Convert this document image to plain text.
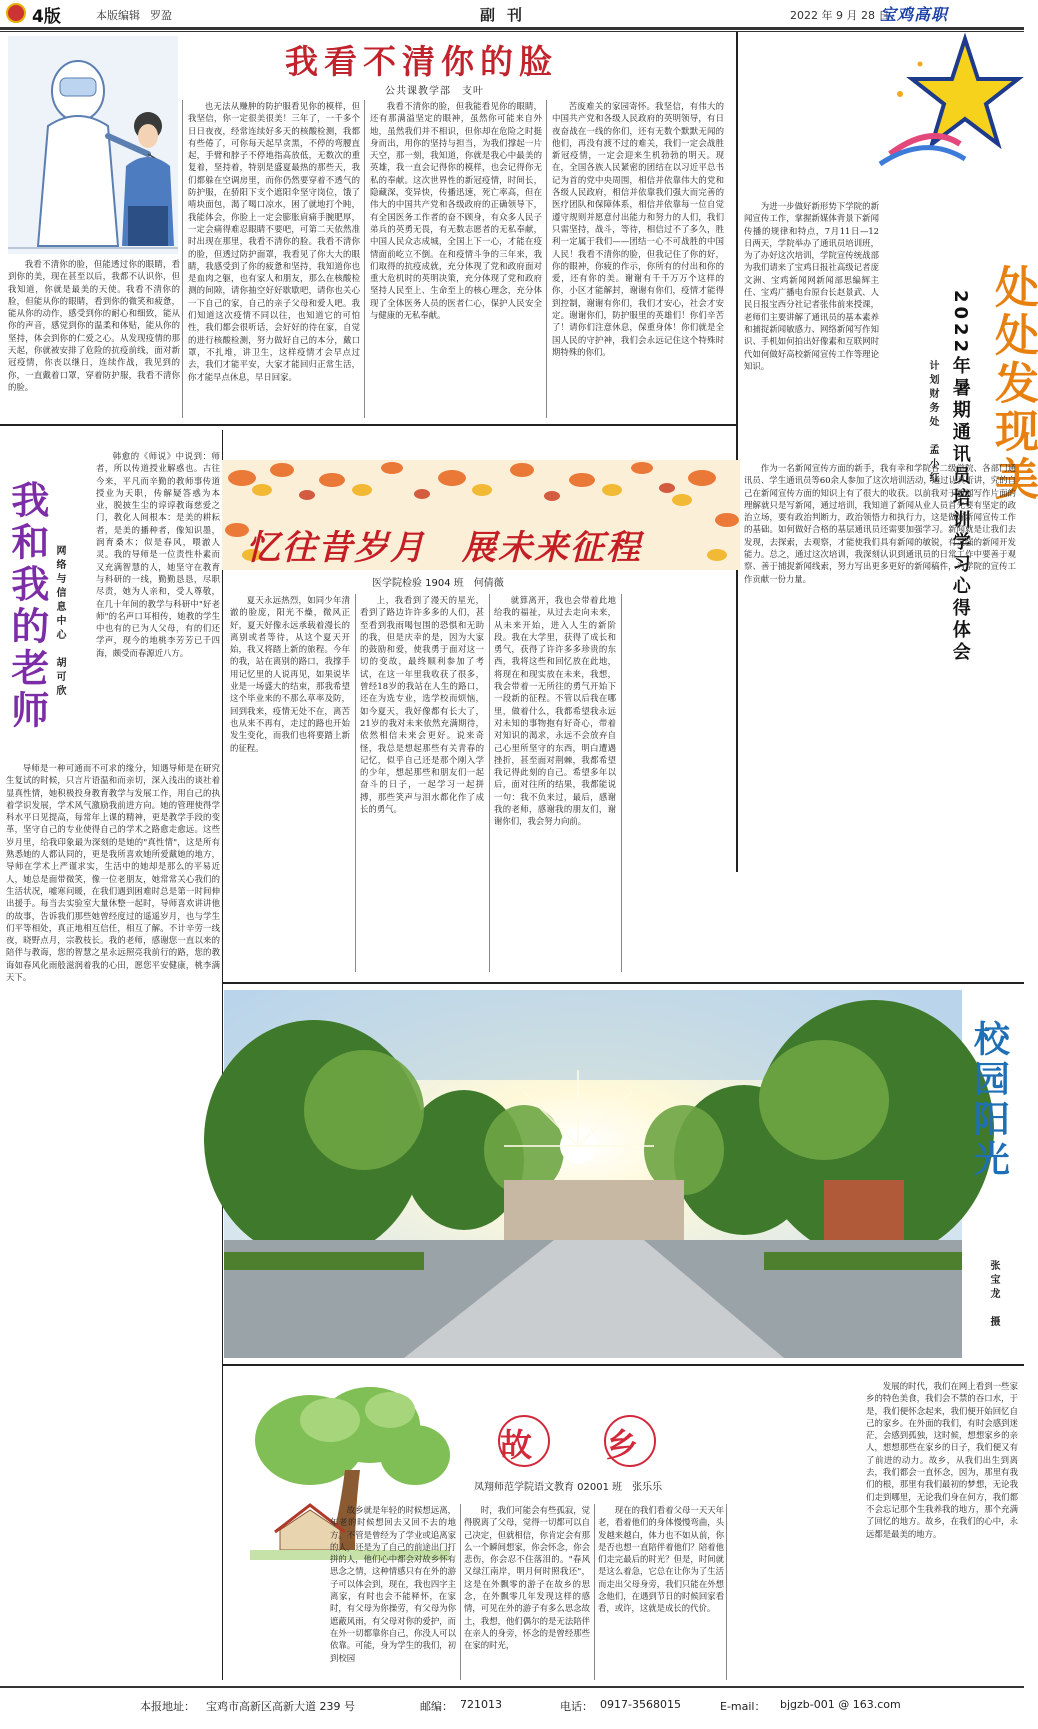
4版	本版编辑 罗盈	副刊	2022 年 9 月 28 日
宝鸡高职
我看不清你的脸
公共课教学部　支叶

我看不清你的脸，但能透过你的眼睛，看到你的美，现在甚至以后，我都不认识你，但我知道，你就是最美的天使。我看不清你的脸，但能从你的眼睛，看到你的微笑和疲惫，能从你的动作，感受到你的耐心和细致，能从你的声音，感觉到你的温柔和体贴，能从你的坚持，体会到你的仁爱之心。从发现疫情的那天起，你就被安排了危险的抗疫前线，面对新冠疫情，你丧以继日，连续作战，我见到的你，一直戴着口罩，穿着防护服，我看不清你的脸。

也无法从赚肿的防护服看见你的模样，但我坚信，你一定很美很美！三年了，一千多个日日夜夜，经常连续好多天的核酸检测，我都有些倦了，可你每天起早贪黑，不停的弯腰直起，手臂和脖子不停地指高放低，无数次的重复着，坚持着，特别是盛夏最热的那些天，我们都躲在空调房里，而你仍然要穿着不透气的防护服，在骄阳下支个遮阳伞坚守岗位，饿了啃块面包，渴了喝口凉水，困了就地打个盹，我能体会，你脸上一定会膨胀肩痛手腕肥厚，一定会痛得难忍眼睛不要吧，可第二天依然准时出现在那里，我看不清你的脸。我看不清你的脸，但透过防护面罩，我看见了你大大的眼睛，我感受到了你的疲惫和坚持，我知道你也是血肉之躯，也有家人和朋友，那么在核酸检测的间隙，请你抽空好好歇歇吧，请你也关心一下自己的家，自己的亲子父母和爱人吧。我们知道这次疫情不同以往，也知道它的可怕性，我们都会很听话，会好好的待在家，自觉的进行核酸检测，努力做好自己的本分，戴口罩，不扎堆，讲卫生，这样疫情才会早点过去，我们才能平安，大家才能回归正常生活，你才能早点休息，早日回家。

我看不清你的脸，但我能看见你的眼睛，还有那满溢坚定的眼神，虽然你可能来自外地，虽然我们并不相识，但你却在危险之时挺身而出，用你的坚持与担当，为我们撑起一片天空，那一刻，我知道，你就是我心中最美的英雄，我一直会记得你的模样，也会记得你无私的奉献。这次世界性的新冠疫情，时间长，隐藏深，变异快，传播迅速，死亡率高，但在伟大的中国共产党和各级政府的正确领导下，有全国医务工作者的奋不顾身，有众多人民子弟兵的英勇无畏，有无数志愿者的无私奉献，中国人民众志成城，全国上下一心，才能在疫情面前屹立不倒。在和疫情斗争的三年来，我们取得的抗疫成就，充分体现了党和政府面对重大危机时的英明决策，充分体现了党和政府坚持人民至上、生命至上的核心理念，充分体现了全体医务人员的医者仁心，保护人民安全与健康的无私奉献。

苦废难关的家园寄怀。我坚信，有伟大的中国共产党和各级人民政府的英明领导，有日夜奋战在一线的你们，还有无数个默默无闻的他们，再没有渡不过的难关，我们一定会战胜新冠疫情，一定会迎来生机勃勃的明天。现在，全国各族人民紧密的团结在以习近平总书记为首的党中央周围，相信并依靠伟大的党和各级人民政府，相信并依靠我们强大而完善的医疗团队和保障体系，相信并依靠每一位自觉遵守规则并愿意付出能力和努力的人们，我们只需坚持，战斗，等待，相信过不了多久，胜利一定属于我们——团结一心不可战胜的中国人民！我看不清你的脸，但我记住了你的好，你的眼神，你疲的作示，你所有的付出和你的爱，还有你的美。谢谢有千千万万个这样的你，小区才能解封，谢谢有你们，疫情才能得到控制，谢谢有你们，我们才安心，社会才安定。谢谢你们，防护服里的英雄们！你们辛苦了！请你们注意休息，保重身体！你们就是全国人民的守护神，我们会永远记住这个特殊时期特殊的你们。

为进一步做好新形势下学院的新闻宣传工作，掌握新媒体背景下新闻传播的规律和特点，7月11日—12日两天，学院举办了通讯员培训班，为了办好这次培训，学院宣传统战部为我们请来了宝鸡日报社高级记者庞文洲、宝鸡新闻网新闻部思编辉主任、宝鸡广播电台原台长赵景武、人民日报宝西分社记者张伟前来授课，老师们主要讲解了通讯员的基本素养和捕捉新闻敏感力、网络新闻写作知识、手机如何拍出好像素和互联网时代如何做好高校新闻宣传工作等理论知识。	处处发现美
2022年暑期通讯员培训学习心得体会
计划财务处　孟小红

作为一名新闻宣传方面的新手，我有幸和学院各二级学院、各部门通讯员、学生通讯员等60余人参加了这次培训活动，通过认真听讲，究的自己在新闻宣传方面的知识上有了很大的收获。以前我对于新闻写作片面的理解就只是写新闻，通过培训，我知道了新闻从业人员首先要有坚定的政治立场，要有政治判断力，政治领悟力和执行力，这是做好新闻宣传工作的基础。如何做好合格的基层通讯员还需要加强学习。新闻就是让我们去发现，去探索，去观察，才能使我们具有新闻的敏锐，有灵强的新闻开发能力。总之，通过这次培训，我深刻认识到通讯员的日常工作中要善于观察、善于捕捉新闻线索，努力写出更多更好的新闻稿件，为学院的宣传工作贡献一份力量。

我和我的老师 网络与信息中心　胡可欣

韩愈的《师说》中说到：师者，所以传道授业解惑也。古往今来，平凡而辛勤的教师事传道授业为天职，传解疑答惑为本业，脱披生尘的谆谆教诲慈爱之门，教化人间根本：是美的耕耘者，是美的播种者，像知识墨，润育桑木；似是春风，喂澈人灵。我的导师是一位责性朴素而又充满智慧的人，她坚守在教育与科研的一线，勤勤恳恳，尽职尽责，她为人亲和，受人尊敬，在几十年间的教学与科研中"好老师"的名声口耳相传，她教的学生中也有的已为人父母，有的们还学声，现今的地桃李芳芳已千四海，颇受而春源近八方。

导师是一种可通而不可求的缘分，知遇导师是在研究生复试的时候，只言片语温和而亲切，深入浅出的谈社着显真性情，她积极投身教育教学与发展工作，用自己的执着学识发展，学术风气激励我前进方向。她的管理使得学科水平日见提高，每常年上课的精神，更是教学手段的变革，坚守自己的专业使得自己的学术之路愈走愈远。这些岁月里，给我印象最为深刻的是她的"真性情"，这是所有熟悉她的人都认同的，更是我所喜欢她所爱戴她的地方，导师在学术上严谨求实，生活中的她却是那么的平易近人，她总是面带微笑，像一位老朋友，她常常关心我们的生活状况，嘘寒问暖，在我们遇到困难时总是第一时间伸出援手。每当去实验室大量休整一起时，导师喜欢讲讲他的故事，告诉我们那些她曾经度过的遥遥岁月，也与学生们平等相处，真正地相互信任，相互了解。不计辛劳一线夜，晓野点月，宗教枝长。我的老师，感谢您一直以来的陪伴与教诲，您的智慧之星永远照亮我前行的路，您的教诲如春风化雨般滋润着我的心田，愿您平安健康，桃李满天下。

忆往昔岁月　展未来征程
医学院检验 1904 班　何倩薇

夏天永远热烈，如同少年清澈的脸庞，阳光不燥，微风正好，夏天好像永远承载着漫长的离别或者等待，从这个夏天开始，我又将踏上新的旅程。今年的我，站在离别的路口，我撑手用记忆里的人说再见，如果说毕业是一场盛大的结束，那我希望这个毕业来的不那么草率及防，回到我来，疫情无处不在，离苦也从来不再有，走过的路也开始发生变化，而我们也将要踏上新的征程。

上，我看到了漫天的星光，看到了路边许许多多的人们，甚至看到我雨喝包围的恐惧和无助的我，但是庆幸的是，因为大家的鼓励和爱，使我勇于面对这一切的变故，最终顺利参加了考试，在这一年里我收获了很多，曾经18岁的我站在人生的路口，还在为选专业，选学校而烦恼，如今夏天，我好像都有长大了，21岁的我对未来依然充满期待，依然相信未来会更好。说来奇怪，我总是想起那些有关青春的记忆，似乎自己还是那个刚入学的少年，想起那些和朋友们一起奋斗的日子，一起学习一起拼搏，那些笑声与泪水都化作了成长的勇气。

就算离开，我也会带着此地给我的福祉，从过去走向未来，从未来开始，进入人生的新阶段。我在大学里，获得了成长和勇气，获得了许许多多珍贵的东西，我将这些和回忆放在此地，将现在和现实放在未来，我想，我会带着一无所往的勇气开始下一段新的征程。不管以后我在哪里，做着什么，我都希望我永远对未知的事物抱有好奇心，带着对知识的渴求，永远不会放弃自己心里所坚守的东西，明白遭遇挫折，甚至面对荆棘，我都希望我记得此刻的自己。希望多年以后，面对往所的结果，我都能说一句：我不负来过，最后，感谢我的老师，感谢我的朋友们，谢谢你们，我会努力向前。

校园阳光
张宝龙　摄
故 乡
凤翔师范学院语文教育 02001 班　张乐乐

故乡就是年轻的时候想远离，年老的时候想回去又回不去的地方。不管是曾经为了学业或追离家的人，还是为了自己的前途出门打拼的人，他们心中都会对故乡怀有思念之情，这种情感只有在外的游子可以体会到，现在，我也四字主离家，有时也会不能释怀，在家时，有父母为你操劳，有父母为你遮蔽风雨，有父母对你的爱护，而在外一切都靠你自己，你没人可以依靠。可能，身为学生的我们，初到校园

时，我们可能会有些孤寂，觉得脱离了父母，觉得一切都可以自己决定，但就相信，你肯定会有那么一个瞬间想家，你会怀念，你会悲伤，你会忍不住落泪的。"春风又绿江南岸，明月何时照我还"，这是在外飘零的游子在故乡的思念，在外飘零几年发现这样的感情，可见在外的游子有多么思念故土，我想，他们偶尔的是无法陪伴在亲人的身旁，怀念的是曾经那些在家的时光，

现在的我们看着父母一天天年老，看着他们的身体慢慢弯曲，头发越来越白，体力也不如从前，你是否也想一直陪伴着他们？陪着他们走完最后的时光？但是，时间就是这么着急，它总在让你为了生活而走出父母身旁，我们只能在外想念他们，在遇到节日的时候回家看看，或许，这就是成长的代价。

发展的时代，我们在网上看到一些家乡的特色美食，我们会不禁的吞口水，于是，我们便怀念起来，我们便开始回忆自己的家乡。在外面的我们，有时会感到迷茫，会感到孤独，这时候，想想家乡的亲人，想想那些在家乡的日子，我们便又有了前进的动力。故乡，从我们出生到离去，我们都会一直怀念，因为，那里有我们的根，那里有我们最初的梦想，无论我们走到哪里，无论我们身在何方，我们都不会忘记那个生我养我的地方，那个充满了回忆的地方。故乡，在我们的心中，永远都是最美的地方。

本报地址： 宝鸡市高新区高新大道 239 号	邮编： 721013	电话： 0917-3568015	E-mail： bjgzb-001 @ 163.com
